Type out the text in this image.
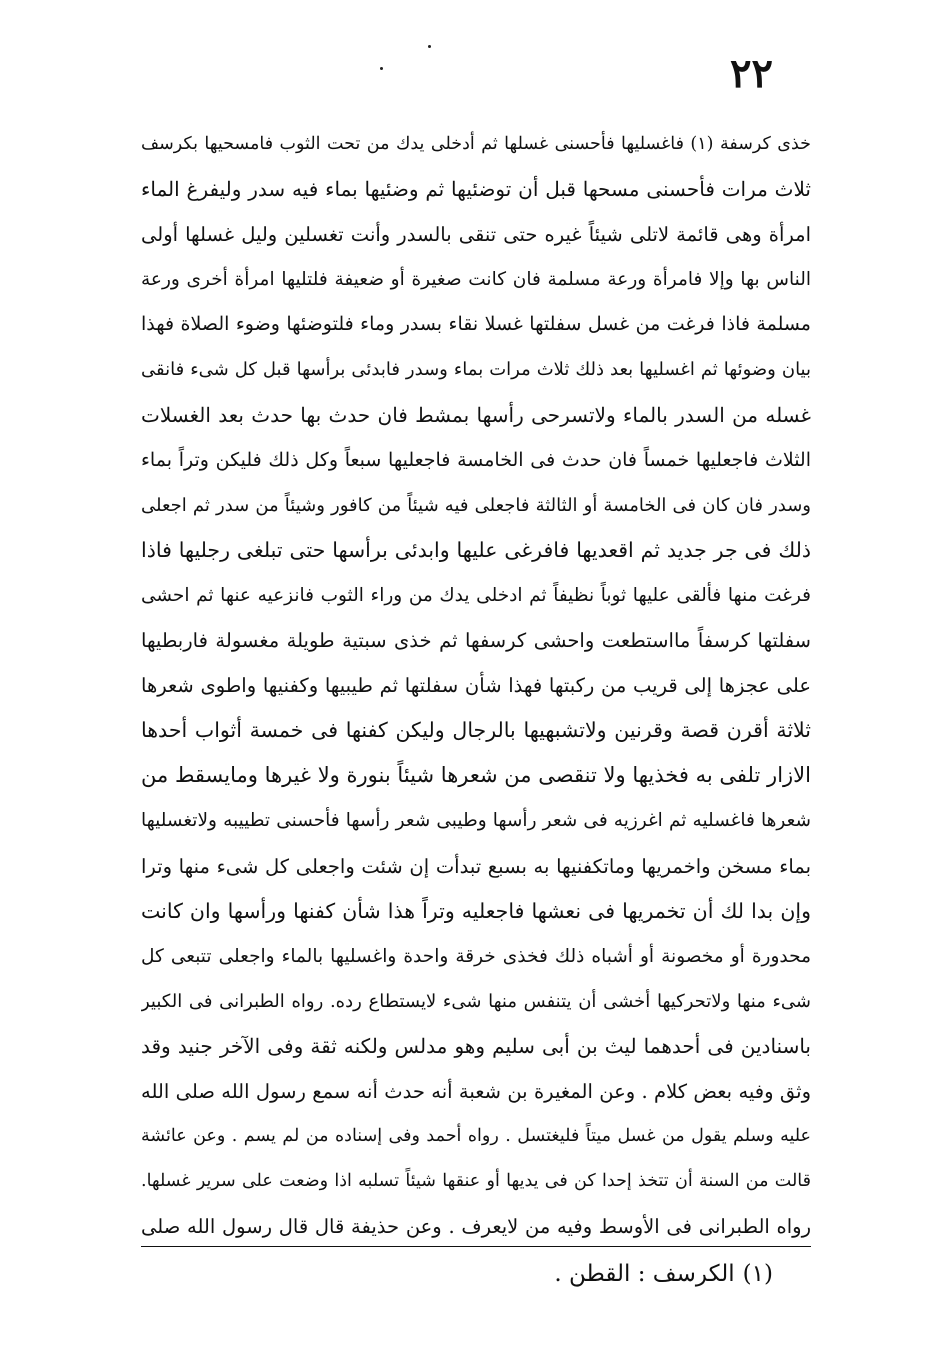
٢٢
خذى كرسفة (١) فاغسليها فأحسنى غسلها ثم أدخلى يدك من تحت الثوب فامسحيها بكرسف
ثلاث مرات فأحسنى مسحها قبل أن توضئيها ثم وضئيها بماء فيه سدر وليفرغ الماء
امرأة وهى قائمة لاتلى شيئاً غيره حتى تنقى بالسدر وأنت تغسلين وليل غسلها أولى
الناس بها وإلا فامرأة ورعة مسلمة فان كانت صغيرة أو ضعيفة فلتليها امرأة أخرى ورعة
مسلمة فاذا فرغت من غسل سفلتها غسلا نقاء بسدر وماء فلتوضئها وضوء الصلاة فهذا
بيان وضوئها ثم اغسليها بعد ذلك ثلاث مرات بماء وسدر فابدئى برأسها قبل كل شىء فانقى
غسله من السدر بالماء ولاتسرحى رأسها بمشط فان حدث بها حدث بعد الغسلات
الثلاث فاجعليها خمساً فان حدث فى الخامسة فاجعليها سبعاً وكل ذلك فليكن وتراً بماء
وسدر فان كان فى الخامسة أو الثالثة فاجعلى فيه شيئاً من كافور وشيئاً من سدر ثم اجعلى
ذلك فى جر جديد ثم اقعديها فافرغى عليها وابدئى برأسها حتى تبلغى رجليها فاذا
فرغت منها فألقى عليها ثوباً نظيفاً ثم ادخلى يدك من وراء الثوب فانزعيه عنها ثم احشى
سفلتها كرسفاً مااستطعت واحشى كرسفها ثم خذى سبتية طويلة مغسولة فاربطيها
على عجزها إلى قريب من ركبتها فهذا شأن سفلتها ثم طيبيها وكفنيها واطوى شعرها
ثلاثة أقرن قصة وقرنين ولاتشبهيها بالرجال وليكن كفنها فى خمسة أثواب أحدها
الازار تلفى به فخذيها ولا تنقصى من شعرها شيئاً بنورة ولا غيرها ومايسقط من
شعرها فاغسليه ثم اغرزيه فى شعر رأسها وطيبى شعر رأسها فأحسنى تطييبه ولاتغسليها
بماء مسخن واخمريها وماتكفنيها به بسبع تبدأت إن شئت واجعلى كل شىء منها وترا
وإن بدا لك أن تخمريها فى نعشها فاجعليه وتراً هذا شأن كفنها ورأسها وان كانت
محدورة أو مخصونة أو أشباه ذلك فخذى خرقة واحدة واغسليها بالماء واجعلى تتبعى كل
شىء منها ولاتحركيها أخشى أن يتنفس منها شىء لايستطاع رده. رواه الطبرانى فى الكبير
باسنادين فى أحدهما ليث بن أبى سليم وهو مدلس ولكنه ثقة وفى الآخر جنيد وقد
وثق وفيه بعض كلام . وعن المغيرة بن شعبة أنه حدث أنه سمع رسول الله صلى الله
عليه وسلم يقول من غسل ميتاً فليغتسل . رواه أحمد وفى إسناده من لم يسم . وعن عائشة
قالت من السنة أن تتخذ إحدا كن فى يديها أو عنقها شيئاً تسلبه اذا وضعت على سرير غسلها.
رواه الطبرانى فى الأوسط وفيه من لايعرف . وعن حذيفة قال قال رسول الله صلى
(١)الكرسف : القطن .
